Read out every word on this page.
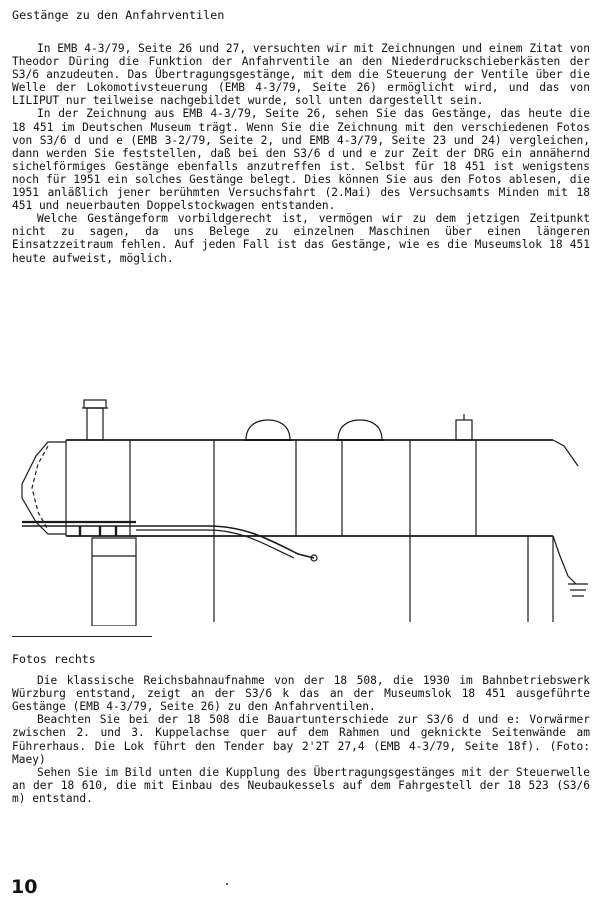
Gestänge zu den Anfahrventilen

In EMB 4-3/79, Seite 26 und 27, versuchten wir mit Zeichnungen und einem Zitat von Theodor Düring die Funktion der Anfahrventile an den Niederdruckschieberkästen der S3/6 anzudeuten. Das Übertragungsgestänge, mit dem die Steuerung der Ventile über die Welle der Lokomotivsteuerung (EMB 4-3/79, Seite 26) ermöglicht wird, und das von LILIPUT nur teilweise nachgebildet wurde, soll unten dargestellt sein.

In der Zeichnung aus EMB 4-3/79, Seite 26, sehen Sie das Gestänge, das heute die 18 451 im Deutschen Museum trägt. Wenn Sie die Zeichnung mit den verschiedenen Fotos von S3/6 d und e (EMB 3-2/79, Seite 2, und EMB 4-3/79, Seite 23 und 24) vergleichen, dann werden Sie feststellen, daß bei den S3/6 d und e zur Zeit der DRG ein annähernd sichelförmiges Gestänge ebenfalls anzutreffen ist. Selbst für 18 451 ist wenigstens noch für 1951 ein solches Gestänge belegt. Dies können Sie aus den Fotos ablesen, die 1951 anläßlich jener berühmten Versuchsfahrt (2.Mai) des Versuchsamts Minden mit 18 451 und neuerbauten Doppelstockwagen entstanden.

Welche Gestängeform vorbildgerecht ist, vermögen wir zu dem jetzigen Zeitpunkt nicht zu sagen, da uns Belege zu einzelnen Maschinen über einen längeren Einsatzzeitraum fehlen. Auf jeden Fall ist das Gestänge, wie es die Museumslok 18 451 heute aufweist, möglich.

Fotos rechts

Die klassische Reichsbahnaufnahme von der 18 508, die 1930 im Bahnbetriebswerk Würzburg entstand, zeigt an der S3/6 k das an der Museumslok 18 451 ausgeführte Gestänge (EMB 4-3/79, Seite 26) zu den Anfahrventilen.

Beachten Sie bei der 18 508 die Bauartunterschiede zur S3/6 d und e: Vorwärmer zwischen 2. und 3. Kuppelachse quer auf dem Rahmen und geknickte Seitenwände am Führerhaus. Die Lok führt den Tender bay 2'2T 27,4 (EMB 4-3/79, Seite 18f). (Foto: Maey)

Sehen Sie im Bild unten die Kupplung des Übertragungsgestänges mit der Steuerwelle an der 18 610, die mit Einbau des Neubaukessels auf dem Fahrgestell der 18 523 (S3/6 m) entstand.

10
